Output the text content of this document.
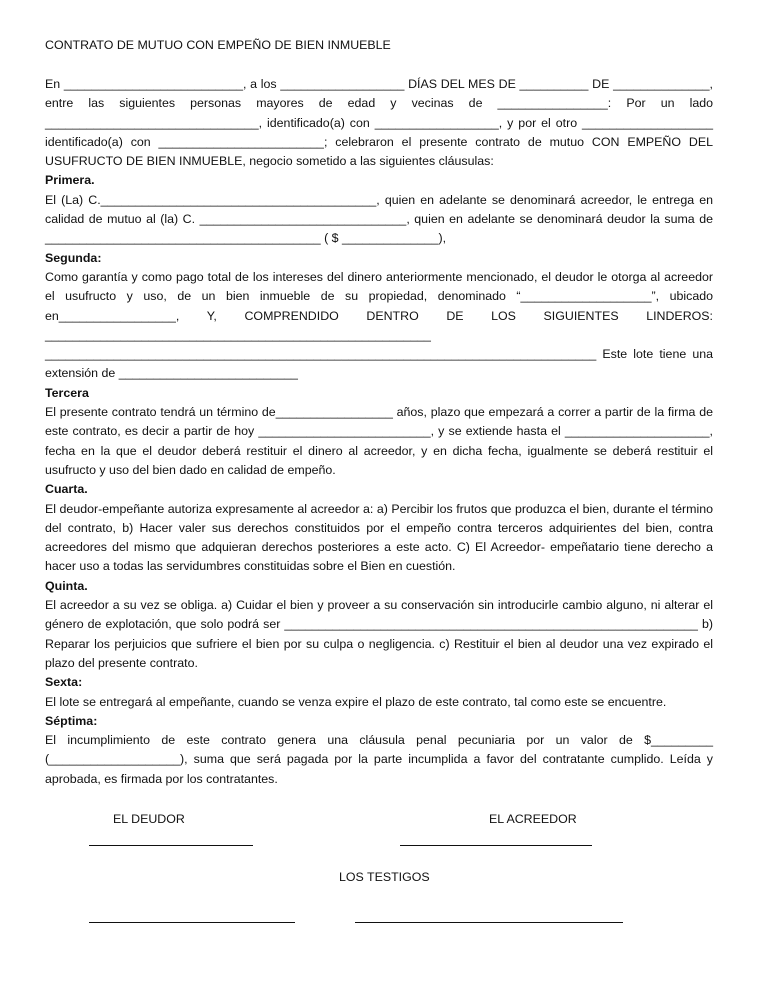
CONTRATO DE MUTUO CON EMPEÑO DE BIEN INMUEBLE

En __________________________, a los __________________ DÍAS DEL MES DE __________ DE ______________, entre las siguientes personas mayores de edad y vecinas de ________________: Por un lado _______________________________, identificado(a) con __________________, y por el otro ___________________ identificado(a) con ________________________; celebraron el presente contrato de mutuo CON EMPEÑO DEL USUFRUCTO DE BIEN INMUEBLE, negocio sometido a las siguientes cláusulas:

Primera.

El (La) C.________________________________________, quien en adelante se denominará acreedor, le entrega en calidad de mutuo al (la) C. ______________________________, quien en adelante se denominará deudor la suma de ________________________________________ ( $ ______________),

Segunda:

Como garantía y como pago total de los intereses del dinero anteriormente mencionado, el deudor le otorga al acreedor el usufructo y uso, de un bien inmueble de su propiedad, denominado “___________________”, ubicado en_________________, Y, COMPRENDIDO DENTRO DE LOS SIGUIENTES LINDEROS: ________________________________________________________ ________________________________________________________________________________ Este lote tiene una extensión de __________________________

Tercera

El presente contrato tendrá un término de_________________ años, plazo que empezará a correr a partir de la firma de este contrato, es decir a partir de hoy _________________________, y se extiende hasta el _____________________, fecha en la que el deudor deberá restituir el dinero al acreedor, y en dicha fecha, igualmente se deberá restituir el usufructo y uso del bien dado en calidad de empeño.

Cuarta.

El deudor-empeñante autoriza expresamente al acreedor a: a) Percibir los frutos que produzca el bien, durante el término del contrato, b) Hacer valer sus derechos constituidos por el empeño contra terceros adquirientes del bien, contra acreedores del mismo que adquieran derechos posteriores a este acto. C) El Acreedor- empeñatario tiene derecho a hacer uso a todas las servidumbres constituidas sobre el Bien en cuestión.

Quinta.

El acreedor a su vez se obliga. a) Cuidar el bien y proveer a su conservación sin introducirle cambio alguno, ni alterar el género de explotación, que solo podrá ser ____________________________________________________________ b) Reparar los perjuicios que sufriere el bien por su culpa o negligencia. c) Restituir el bien al deudor una vez expirado el plazo del presente contrato.

Sexta:

El lote se entregará al empeñante, cuando se venza expire el plazo de este contrato, tal como este se encuentre.

Séptima:

El incumplimiento de este contrato genera una cláusula penal pecuniaria por un valor de $_________ (___________________), suma que será pagada por la parte incumplida a favor del contratante cumplido. Leída y aprobada, es firmada por los contratantes.

EL DEUDOR	EL ACREEDOR
LOS TESTIGOS
